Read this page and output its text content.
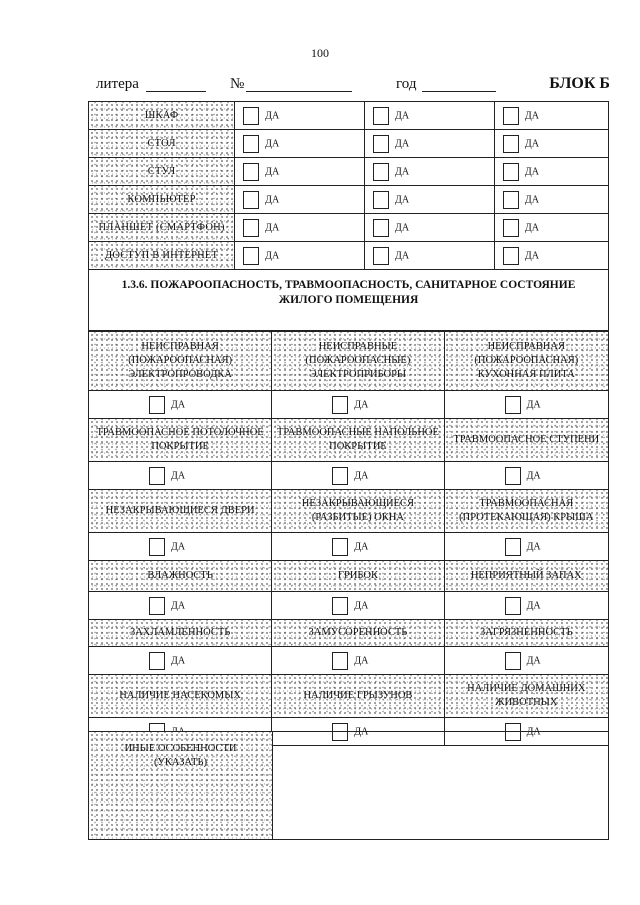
100
литера	№	год	БЛОК Б
ШКАФ	ДА	ДА	ДА
СТОЛ	ДА	ДА	ДА
СТУЛ	ДА	ДА	ДА
КОМПЬЮТЕР	ДА	ДА	ДА
ПЛАНШЕТ (СМАРТФОН)	ДА	ДА	ДА
ДОСТУП В ИНТЕРНЕТ	ДА	ДА	ДА
1.3.6. ПОЖАРООПАСНОСТЬ, ТРАВМООПАСНОСТЬ, САНИТАРНОЕ СОСТОЯНИЕ
ЖИЛОГО ПОМЕЩЕНИЯ
НЕИСПРАВНАЯ (ПОЖАРООПАСНАЯ) ЭЛЕКТРОПРОВОДКА	НЕИСПРАВНЫЕ (ПОЖАРООПАСНЫЕ) ЭЛЕКТРОПРИБОРЫ	НЕИСПРАВНАЯ (ПОЖАРООПАСНАЯ) КУХОННАЯ ПЛИТА
ДА	ДА	ДА
ТРАВМООПАСНОЕ ПОТОЛОЧНОЕ ПОКРЫТИЕ	ТРАВМООПАСНЫЕ НАПОЛЬНОЕ ПОКРЫТИЕ	ТРАВМООПАСНОЕ СТУПЕНИ
ДА	ДА	ДА
НЕЗАКРЫВАЮЩИЕСЯ ДВЕРИ	НЕЗАКРЫВАЮЩИЕСЯ (РАЗБИТЫЕ) ОКНА	ТРАВМООПАСНАЯ (ПРОТЕКАЮЩАЯ) КРЫША
ДА	ДА	ДА
ВЛАЖНОСТЬ	ГРИБОК	НЕПРИЯТНЫЙ ЗАПАХ
ДА	ДА	ДА
ЗАХЛАМЛЕННОСТЬ	ЗАМУСОРЕННОСТЬ	ЗАГРЯЗНЕННОСТЬ
ДА	ДА	ДА
НАЛИЧИЕ НАСЕКОМЫХ	НАЛИЧИЕ ГРЫЗУНОВ	НАЛИЧИЕ ДОМАШНИХ ЖИВОТНЫХ
	ДА	ДА
ИНЫЕ ОСОБЕННОСТИ
(УКАЗАТЬ)
